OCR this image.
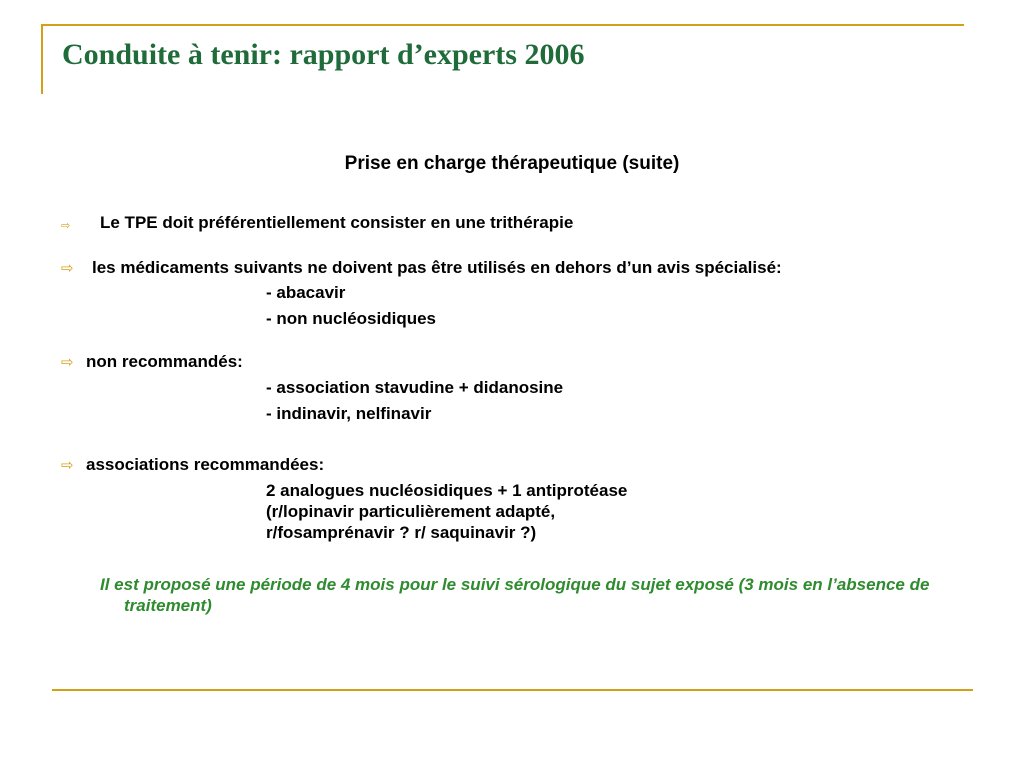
Conduite à tenir: rapport d’experts 2006
Prise en charge thérapeutique (suite)
⇨ Le TPE doit préférentiellement consister en une trithérapie
⇨ les médicaments suivants ne doivent pas être utilisés en dehors d’un avis spécialisé:
- abacavir
- non nucléosidiques
⇨ non recommandés:
- association stavudine + didanosine
- indinavir, nelfinavir
⇨ associations recommandées:
2 analogues nucléosidiques + 1 antiprotéase
(r/lopinavir particulièrement adapté,
r/fosamprénavir ? r/ saquinavir ?)
Il est proposé une période de 4 mois pour le suivi sérologique du sujet exposé (3 mois en l’absence de traitement)
